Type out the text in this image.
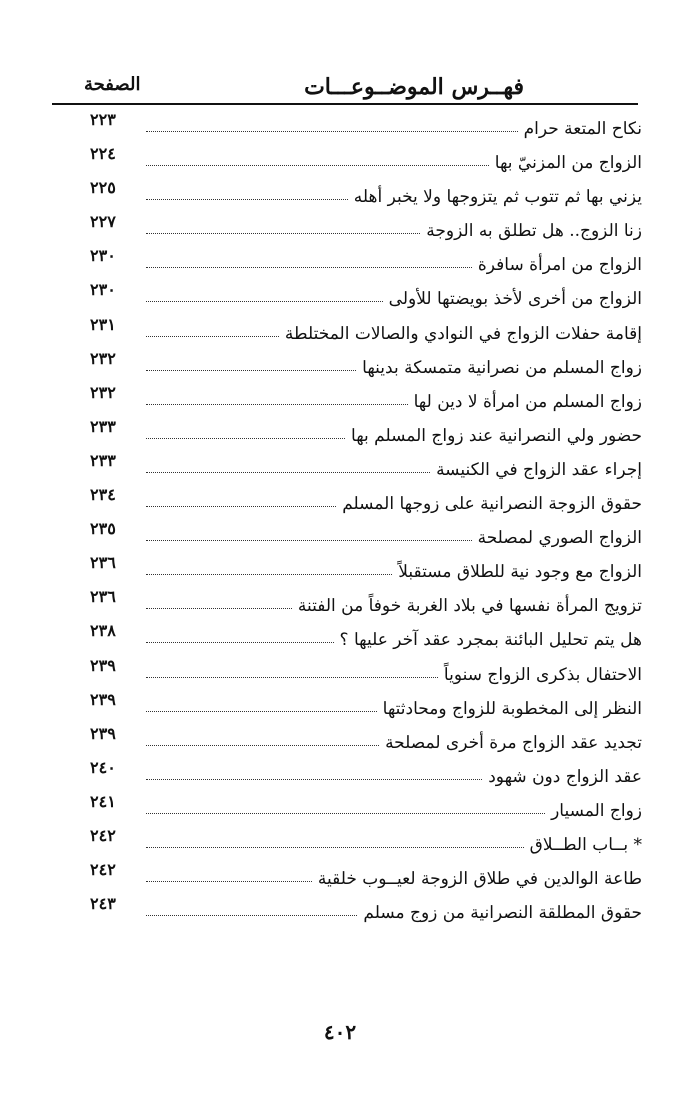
فهــرس الموضــوعـــات
الصفحة
نكاح المتعة حرام
٢٢٣
الزواج من المزنيّ بها
٢٢٤
يزني بها ثم تتوب ثم يتزوجها ولا يخبر أهله
٢٢٥
زنا الزوج.. هل تطلق به الزوجة
٢٢٧
الزواج من امرأة سافرة
٢٣٠
الزواج من أخرى لأخذ بويضتها للأولى
٢٣٠
إقامة حفلات الزواج في النوادي والصالات المختلطة
٢٣١
زواج المسلم من نصرانية متمسكة بدينها
٢٣٢
زواج المسلم من امرأة لا دين لها
٢٣٢
حضور ولي النصرانية عند زواج المسلم بها
٢٣٣
إجراء عقد الزواج في الكنيسة
٢٣٣
حقوق الزوجة النصرانية على زوجها المسلم
٢٣٤
الزواج الصوري لمصلحة
٢٣٥
الزواج مع وجود نية للطلاق مستقبلاً
٢٣٦
تزويج المرأة نفسها في بلاد الغربة خوفاً من الفتنة
٢٣٦
هل يتم تحليل البائنة بمجرد عقد آخر عليها ؟
٢٣٨
الاحتفال بذكرى الزواج سنوياً
٢٣٩
النظر إلى المخطوبة للزواج ومحادثتها
٢٣٩
تجديد عقد الزواج مرة أخرى لمصلحة
٢٣٩
عقد الزواج دون شهود
٢٤٠
زواج المسيار
٢٤١
* بــاب الطــلاق
٢٤٢
طاعة الوالدين في طلاق الزوجة لعيــوب خلقية
٢٤٢
حقوق المطلقة النصرانية من زوج مسلم
٢٤٣
٤٠٢
